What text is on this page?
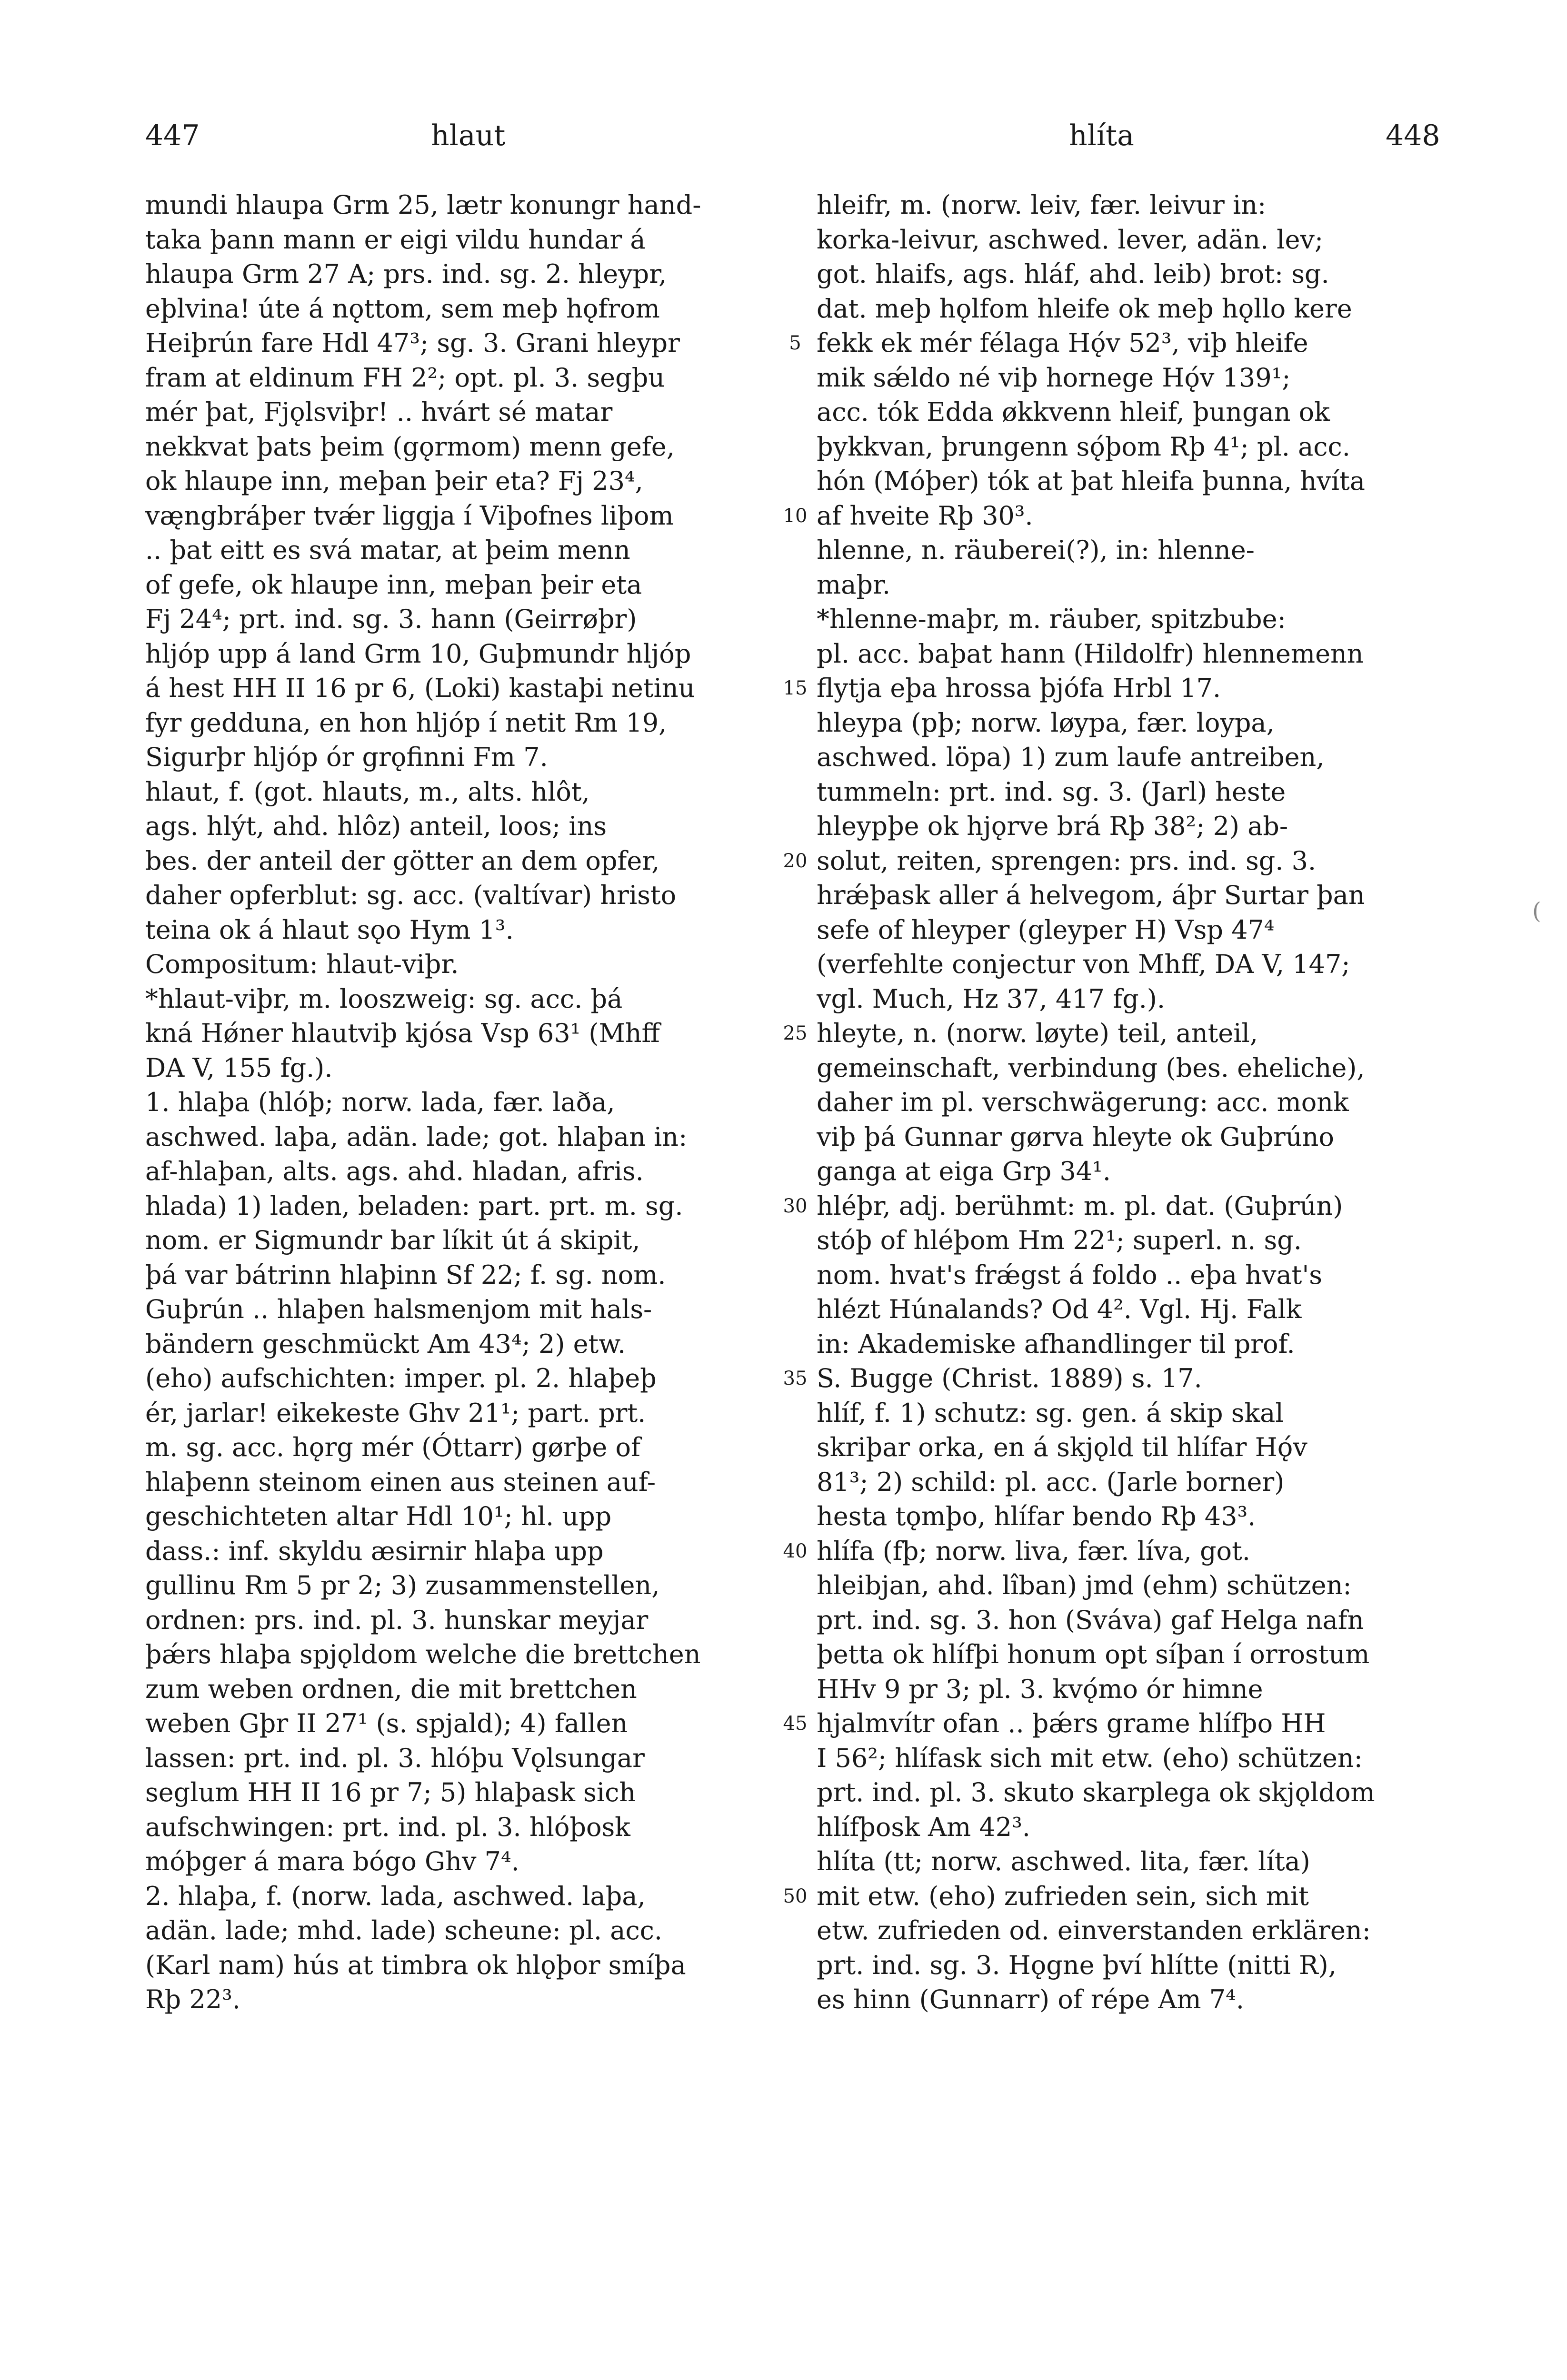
447	hlaut	hlíta	448
mundi hlaupa Grm 25, lætr konungr hand-
taka þann mann er eigi vildu hundar á
hlaupa Grm 27 A; prs. ind. sg. 2. hleypr,
eþlvina! úte á nǫttom, sem meþ hǫfrom
Heiþrún fare Hdl 47³; sg. 3. Grani hleypr
fram at eldinum FH 2²; opt. pl. 3. segþu
mér þat, Fjǫlsviþr! .. hvárt sé matar
nekkvat þats þeim (gǫrmom) menn gefe,
ok hlaupe inn, meþan þeir eta? Fj 23⁴,
væ̨ngbráþer tvǽr liggja í Viþofnes liþom
.. þat eitt es svá matar, at þeim menn
of gefe, ok hlaupe inn, meþan þeir eta
Fj 24⁴; prt. ind. sg. 3. hann (Geirrøþr)
hljóp upp á land Grm 10, Guþmundr hljóp
á hest HH II 16 pr 6, (Loki) kastaþi netinu
fyr gedduna, en hon hljóp í netit Rm 19,
Sigurþr hljóp ór grǫfinni Fm 7.
hlaut, f. (got. hlauts, m., alts. hlôt,
ags. hlýt, ahd. hlôz) anteil, loos; ins
bes. der anteil der götter an dem opfer,
daher opferblut: sg. acc. (valtívar) hristo
teina ok á hlaut sǫo Hym 1³.
Compositum: hlaut-viþr.
*hlaut-viþr, m. looszweig: sg. acc. þá
kná Hǿner hlautviþ kjósa Vsp 63¹ (Mhff
DA V, 155 fg.).
1. hlaþa (hlóþ; norw. lada, fær. laða,
aschwed. laþa, adän. lade; got. hlaþan in:
af-hlaþan, alts. ags. ahd. hladan, afris.
hlada) 1) laden, beladen: part. prt. m. sg.
nom. er Sigmundr bar líkit út á skipit,
þá var bátrinn hlaþinn Sf 22; f. sg. nom.
Guþrún .. hlaþen halsmenjom mit hals-
bändern geschmückt Am 43⁴; 2) etw.
(eho) aufschichten: imper. pl. 2. hlaþeþ
ér, jarlar! eikekeste Ghv 21¹; part. prt.
m. sg. acc. hǫrg mér (Óttarr) gørþe of
hlaþenn steinom einen aus steinen auf-
geschichteten altar Hdl 10¹; hl. upp
dass.: inf. skyldu æsirnir hlaþa upp
gullinu Rm 5 pr 2; 3) zusammenstellen,
ordnen: prs. ind. pl. 3. hunskar meyjar
þǽrs hlaþa spjǫldom welche die brettchen
zum weben ordnen, die mit brettchen
weben Gþr II 27¹ (s. spjald); 4) fallen
lassen: prt. ind. pl. 3. hlóþu Vǫlsungar
seglum HH II 16 pr 7; 5) hlaþask sich
aufschwingen: prt. ind. pl. 3. hlóþosk
móþger á mara bógo Ghv 7⁴.
2. hlaþa, f. (norw. lada, aschwed. laþa,
adän. lade; mhd. lade) scheune: pl. acc.
(Karl nam) hús at timbra ok hlǫþor smíþa
Rþ 22³.
hleifr, m. (norw. leiv, fær. leivur in:
korka-leivur, aschwed. lever, adän. lev;
got. hlaifs, ags. hláf, ahd. leib) brot: sg.
dat. meþ hǫlfom hleife ok meþ hǫllo kere
fekk ek mér félaga Hǫ́v 52³, viþ hleife
mik sǽldo né viþ hornege Hǫ́v 139¹;
acc. tók Edda økkvenn hleif, þungan ok
þykkvan, þrungenn sǫ́þom Rþ 4¹; pl. acc.
hón (Móþer) tók at þat hleifa þunna, hvíta
af hveite Rþ 30³.
hlenne, n. räuberei(?), in: hlenne-
maþr.
*hlenne-maþr, m. räuber, spitzbube:
pl. acc. baþat hann (Hildolfr) hlennemenn
flytja eþa hrossa þjófa Hrbl 17.
hleypa (pþ; norw. løypa, fær. loypa,
aschwed. löpa) 1) zum laufe antreiben,
tummeln: prt. ind. sg. 3. (Jarl) heste
hleypþe ok hjǫrve brá Rþ 38²; 2) ab-
solut, reiten, sprengen: prs. ind. sg. 3.
hrǽþask aller á helvegom, áþr Surtar þan
sefe of hleyper (gleyper H) Vsp 47⁴
(verfehlte conjectur von Mhff, DA V, 147;
vgl. Much, Hz 37, 417 fg.).
hleyte, n. (norw. løyte) teil, anteil,
gemeinschaft, verbindung (bes. eheliche),
daher im pl. verschwägerung: acc. monk
viþ þá Gunnar gørva hleyte ok Guþrúno
ganga at eiga Grp 34¹.
hléþr, adj. berühmt: m. pl. dat. (Guþrún)
stóþ of hléþom Hm 22¹; superl. n. sg.
nom. hvat's frǽgst á foldo .. eþa hvat's
hlézt Húnalands? Od 4². Vgl. Hj. Falk
in: Akademiske afhandlinger til prof.
S. Bugge (Christ. 1889) s. 17.
hlíf, f. 1) schutz: sg. gen. á skip skal
skriþar orka, en á skjǫld til hlífar Hǫ́v
81³; 2) schild: pl. acc. (Jarle borner)
hesta tǫmþo, hlífar bendo Rþ 43³.
hlífa (fþ; norw. liva, fær. líva, got.
hleibjan, ahd. lîban) jmd (ehm) schützen:
prt. ind. sg. 3. hon (Sváva) gaf Helga nafn
þetta ok hlífþi honum opt síþan í orrostum
HHv 9 pr 3; pl. 3. kvǫ́mo ór himne
hjalmvítr ofan .. þǽrs grame hlífþo HH
I 56²; hlífask sich mit etw. (eho) schützen:
prt. ind. pl. 3. skuto skarplega ok skjǫldom
hlífþosk Am 42³.
hlíta (tt; norw. aschwed. lita, fær. líta)
mit etw. (eho) zufrieden sein, sich mit
etw. zufrieden od. einverstanden erklären:
prt. ind. sg. 3. Hǫgne því hlítte (nitti R),
es hinn (Gunnarr) of répe Am 7⁴.
5
10
15
20
25
30
35
40
45
50
(
